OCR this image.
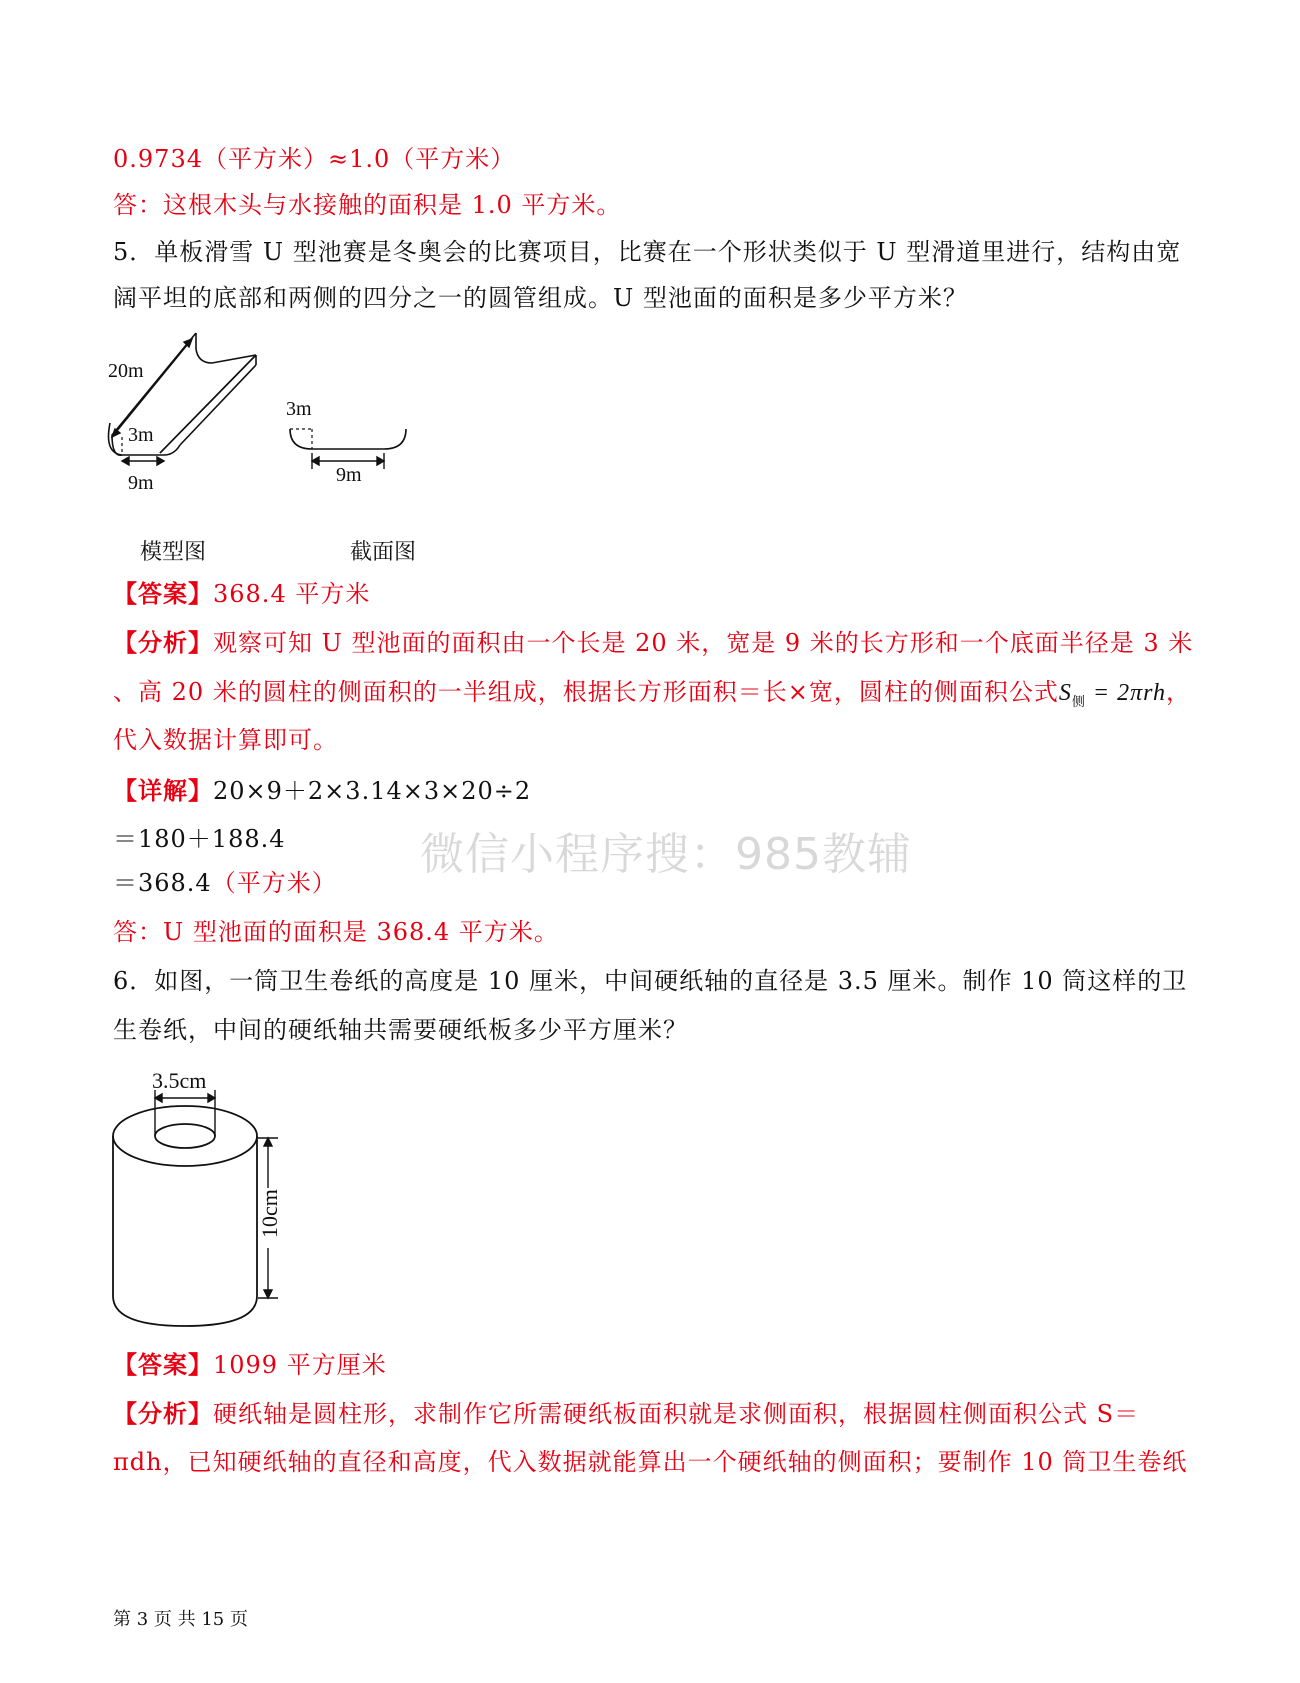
0.9734（平方米）≈1.0（平方米）
答：这根木头与水接触的面积是 1.0 平方米。
5．单板滑雪 U 型池赛是冬奥会的比赛项目，比赛在一个形状类似于 U 型滑道里进行，结构由宽
阔平坦的底部和两侧的四分之一的圆管组成。U 型池面的面积是多少平方米？
20m
3m
9m
3m
9m
模型图	截面图
【答案】368.4 平方米
【分析】观察可知 U 型池面的面积由一个长是 20 米，宽是 9 米的长方形和一个底面半径是 3 米
、高 20 米的圆柱的侧面积的一半组成，根据长方形面积＝长×宽，圆柱的侧面积公式$S_侧 = 2\pi rh$，
代入数据计算即可。
【详解】20×9＋2×3.14×3×20÷2
＝180＋188.4
＝368.4（平方米）
答：U 型池面的面积是 368.4 平方米。
6．如图，一筒卫生卷纸的高度是 10 厘米，中间硬纸轴的直径是 3.5 厘米。制作 10 筒这样的卫
生卷纸，中间的硬纸轴共需要硬纸板多少平方厘米？
3.5cm
10cm
【答案】1099 平方厘米
【分析】硬纸轴是圆柱形，求制作它所需硬纸板面积就是求侧面积，根据圆柱侧面积公式 S＝
πdh，已知硬纸轴的直径和高度，代入数据就能算出一个硬纸轴的侧面积；要制作 10 筒卫生卷纸
微信小程序搜：985教辅
第 3 页 共 15 页
